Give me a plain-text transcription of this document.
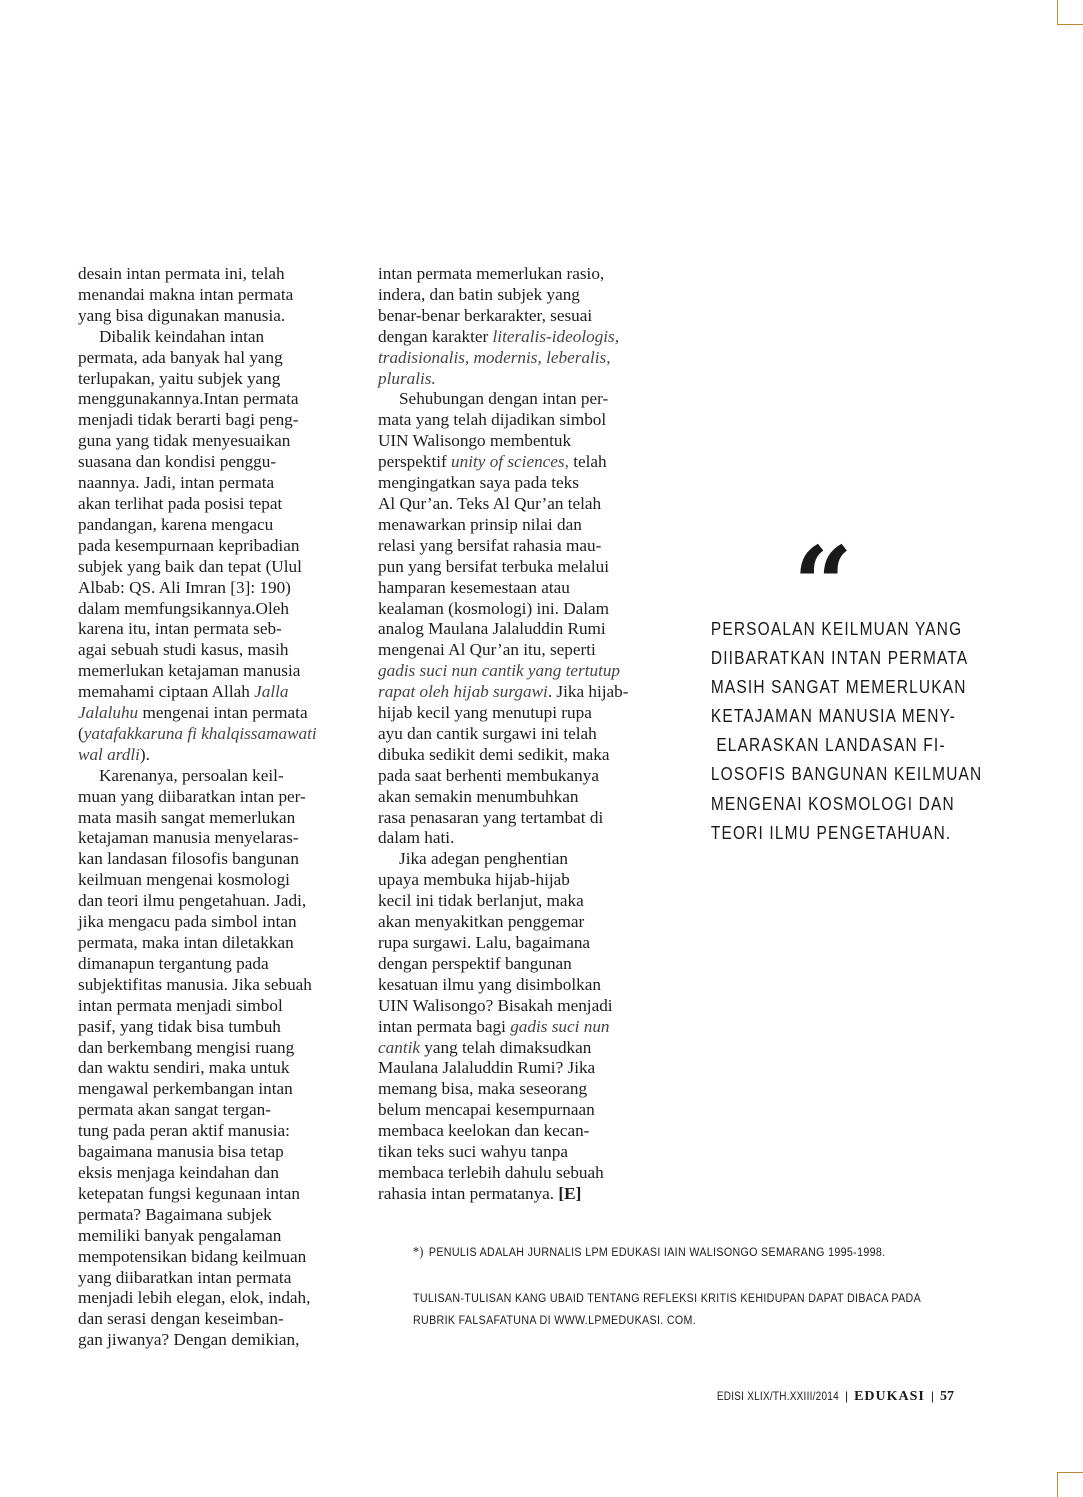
desain intan permata ini, telah

menandai makna intan permata

yang bisa digunakan manusia.

Dibalik keindahan intan

permata, ada banyak hal yang

terlupakan, yaitu subjek yang

menggunakannya.Intan permata

menjadi tidak berarti bagi peng-

guna yang tidak menyesuaikan

suasana dan kondisi penggu-

naannya. Jadi, intan permata

akan terlihat pada posisi tepat

pandangan, karena mengacu

pada kesempurnaan kepribadian

subjek yang baik dan tepat (Ulul

Albab: QS. Ali Imran [3]: 190)

dalam memfungsikannya.Oleh

karena itu, intan permata seb-

agai sebuah studi kasus, masih

memerlukan ketajaman manusia

memahami ciptaan Allah Jalla

Jalaluhu mengenai intan permata

(yatafakkaruna fi khalqissamawati

wal ardli).

Karenanya, persoalan keil-

muan yang diibaratkan intan per-

mata masih sangat memerlukan

ketajaman manusia menyelaras-

kan landasan filosofis bangunan

keilmuan mengenai kosmologi

dan teori ilmu pengetahuan. Jadi,

jika mengacu pada simbol intan

permata, maka intan diletakkan

dimanapun tergantung pada

subjektifitas manusia. Jika sebuah

intan permata menjadi simbol

pasif, yang tidak bisa tumbuh

dan berkembang mengisi ruang

dan waktu sendiri, maka untuk

mengawal perkembangan intan

permata akan sangat tergan-

tung pada peran aktif manusia:

bagaimana manusia bisa tetap

eksis menjaga keindahan dan

ketepatan fungsi kegunaan intan

permata? Bagaimana subjek

memiliki banyak pengalaman

mempotensikan bidang keilmuan

yang diibaratkan intan permata

menjadi lebih elegan, elok, indah,

dan serasi dengan keseimban-

gan jiwanya? Dengan demikian,

intan permata memerlukan rasio,

indera, dan batin subjek yang

benar-benar berkarakter, sesuai

dengan karakter literalis-ideologis,

tradisionalis, modernis, leberalis,

pluralis.

Sehubungan dengan intan per-

mata yang telah dijadikan simbol

UIN Walisongo membentuk

perspektif unity of sciences, telah

mengingatkan saya pada teks

Al Qur’an. Teks Al Qur’an telah

menawarkan prinsip nilai dan

relasi yang bersifat rahasia mau-

pun yang bersifat terbuka melalui

hamparan kesemestaan atau

kealaman (kosmologi) ini. Dalam

analog Maulana Jalaluddin Rumi

mengenai Al Qur’an itu, seperti

gadis suci nun cantik yang tertutup

rapat oleh hijab surgawi. Jika hijab-

hijab kecil yang menutupi rupa

ayu dan cantik surgawi ini telah

dibuka sedikit demi sedikit, maka

pada saat berhenti membukanya

akan semakin menumbuhkan

rasa penasaran yang tertambat di

dalam hati.

Jika adegan penghentian

upaya membuka hijab-hijab

kecil ini tidak berlanjut, maka

akan menyakitkan penggemar

rupa surgawi. Lalu, bagaimana

dengan perspektif bangunan

kesatuan ilmu yang disimbolkan

UIN Walisongo? Bisakah menjadi

intan permata bagi gadis suci nun

cantik yang telah dimaksudkan

Maulana Jalaluddin Rumi? Jika

memang bisa, maka seseorang

belum mencapai kesempurnaan

membaca keelokan dan kecan-

tikan teks suci wahyu tanpa

membaca terlebih dahulu sebuah

rahasia intan permatanya. [E]

“
PERSOALAN KEILMUAN YANG
DIIBARATKAN INTAN PERMATA
MASIH SANGAT MEMERLUKAN
KETAJAMAN MANUSIA MENY-
ELARASKAN LANDASAN FI-
LOSOFIS BANGUNAN KEILMUAN
MENGENAI KOSMOLOGI DAN
TEORI ILMU PENGETAHUAN.
*) PENULIS ADALAH JURNALIS LPM EDUKASI IAIN WALISONGO SEMARANG 1995-1998.
TULISAN-TULISAN KANG UBAID TENTANG REFLEKSI KRITIS KEHIDUPAN DAPAT DIBACA PADA
RUBRIK FALSAFATUNA DI WWW.LPMEDUKASI. COM.
EDISI XLIX/TH.XXIII/2014 | EDUKASI | 57
